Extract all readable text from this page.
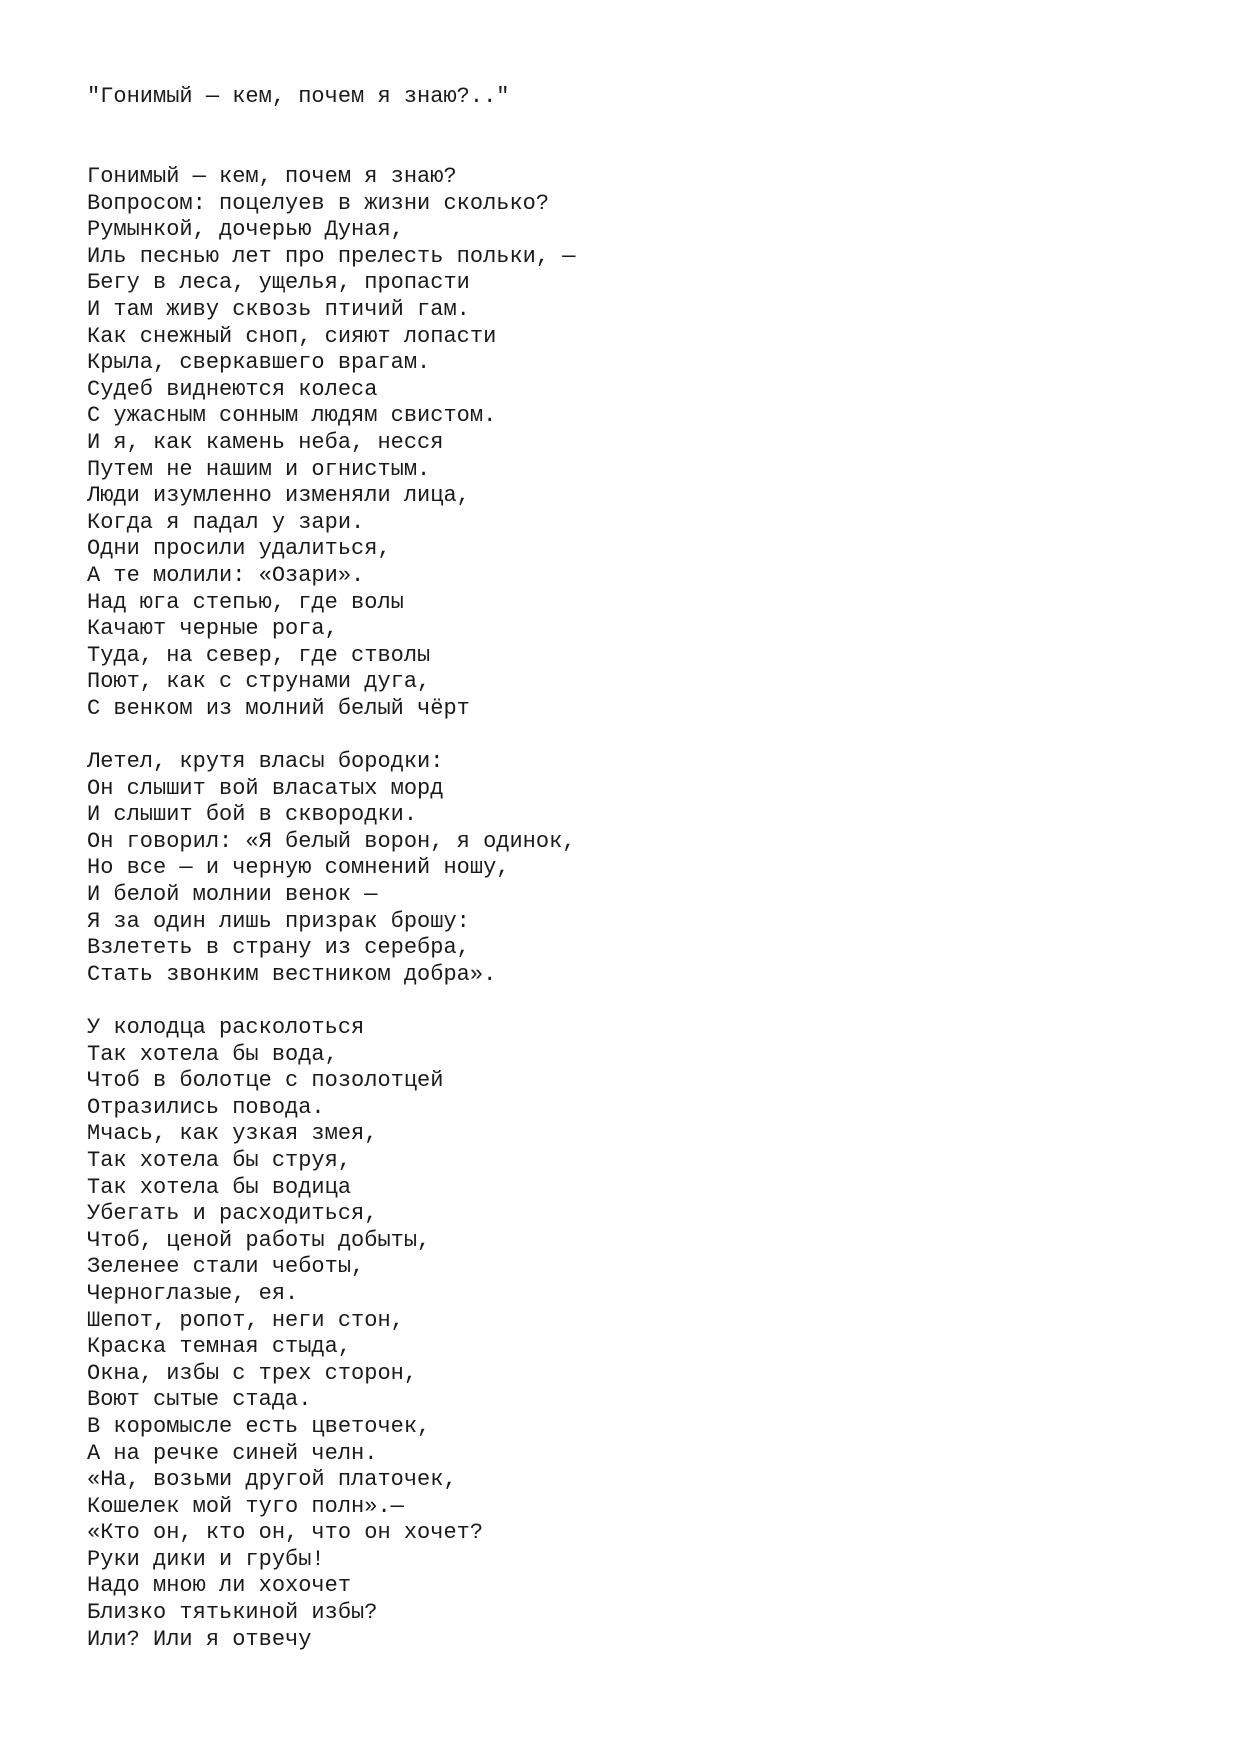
"Гонимый — кем, почем я знаю?.."
Гонимый — кем, почем я знаю?
Вопросом: поцелуев в жизни сколько?
Румынкой, дочерью Дуная,
Иль песнью лет про прелесть польки, —
Бегу в леса, ущелья, пропасти
И там живу сквозь птичий гам.
Как снежный сноп, сияют лопасти
Крыла, сверкавшего врагам.
Судеб виднеются колеса
С ужасным сонным людям свистом.
И я, как камень неба, несся
Путем не нашим и огнистым.
Люди изумленно изменяли лица,
Когда я падал у зари.
Одни просили удалиться,
А те молили: «Озари».
Над юга степью, где волы
Качают черные рога,
Туда, на север, где стволы
Поют, как с струнами дуга,
С венком из молний белый чёрт
Летел, крутя власы бородки:
Он слышит вой власатых морд
И слышит бой в сквородки.
Он говорил: «Я белый ворон, я одинок,
Но все — и черную сомнений ношу,
И белой молнии венок —
Я за один лишь призрак брошу:
Взлететь в страну из серебра,
Стать звонким вестником добра».
У колодца расколоться
Так хотела бы вода,
Чтоб в болотце с позолотцей
Отразились повода.
Мчась, как узкая змея,
Так хотела бы струя,
Так хотела бы водица
Убегать и расходиться,
Чтоб, ценой работы добыты,
Зеленее стали чеботы,
Черноглазые, ея.
Шепот, ропот, неги стон,
Краска темная стыда,
Окна, избы с трех сторон,
Воют сытые стада.
В коромысле есть цветочек,
А на речке синей челн.
«На, возьми другой платочек,
Кошелек мой туго полн».—
«Кто он, кто он, что он хочет?
Руки дики и грубы!
Надо мною ли хохочет
Близко тятькиной избы?
Или? Или я отвечу
